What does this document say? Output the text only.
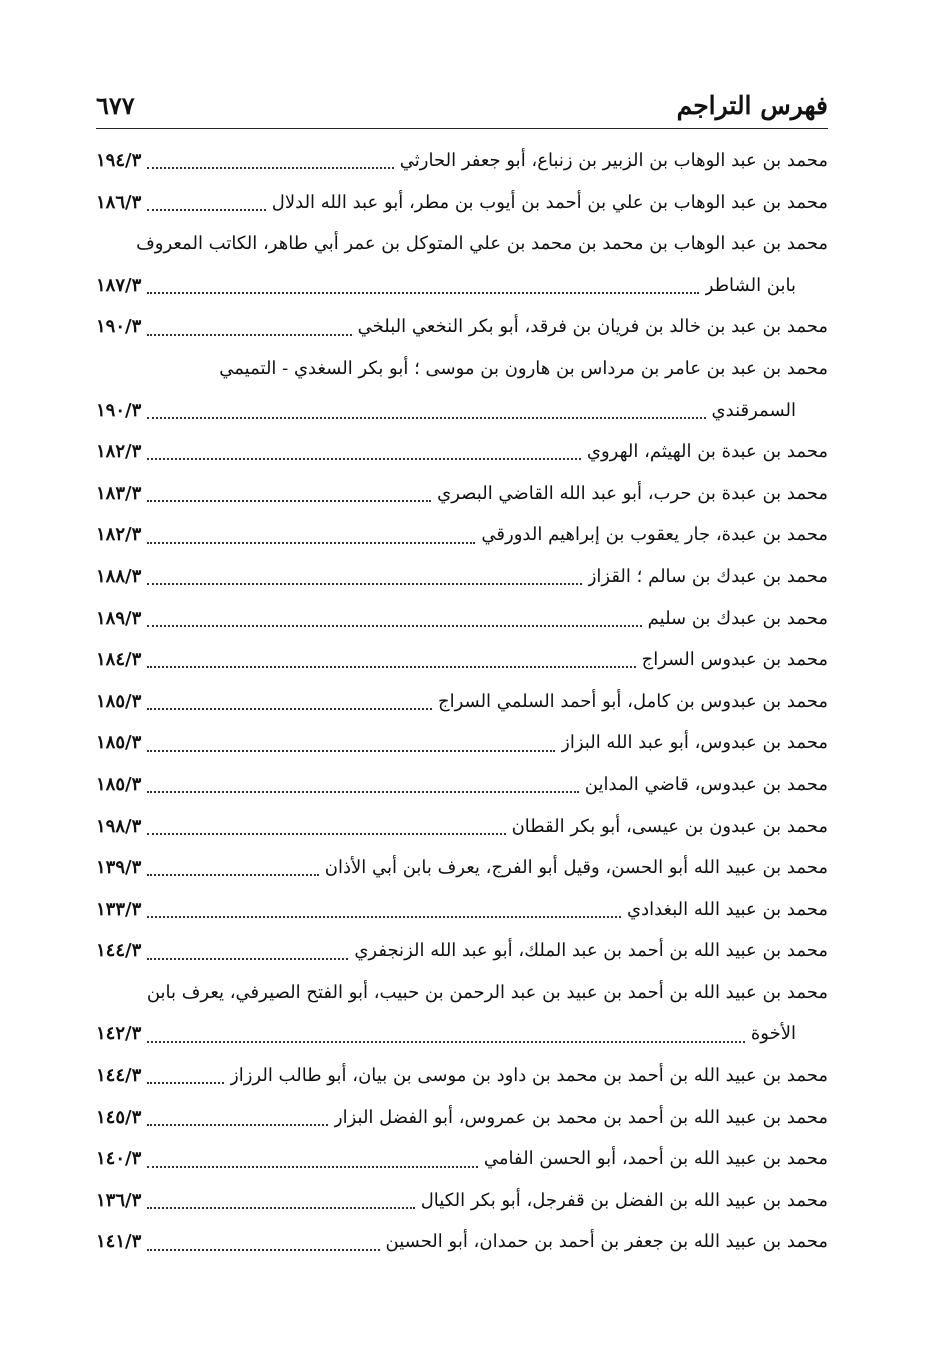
فهرس التراجم
٦٧٧
محمد بن عبد الوهاب بن الزبير بن زنباع، أبو جعفر الحارثي
١٩٤/٣
محمد بن عبد الوهاب بن علي بن أحمد بن أيوب بن مطر، أبو عبد الله الدلال
١٨٦/٣
محمد بن عبد الوهاب بن محمد بن محمد بن علي المتوكل بن عمر أبي طاهر، الكاتب المعروف
بابن الشاطر
١٨٧/٣
محمد بن عبد بن خالد بن فريان بن فرقد، أبو بكر النخعي البلخي
١٩٠/٣
محمد بن عبد بن عامر بن مرداس بن هارون بن موسى ؛ أبو بكر السغدي - التميمي
السمرقندي
١٩٠/٣
محمد بن عبدة بن الهيثم، الهروي
١٨٢/٣
محمد بن عبدة بن حرب، أبو عبد الله القاضي البصري
١٨٣/٣
محمد بن عبدة، جار يعقوب بن إبراهيم الدورقي
١٨٢/٣
محمد بن عبدك بن سالم ؛ القزاز
١٨٨/٣
محمد بن عبدك بن سليم
١٨٩/٣
محمد بن عبدوس السراج
١٨٤/٣
محمد بن عبدوس بن كامل، أبو أحمد السلمي السراج
١٨٥/٣
محمد بن عبدوس، أبو عبد الله البزاز
١٨٥/٣
محمد بن عبدوس، قاضي المداين
١٨٥/٣
محمد بن عبدون بن عيسى، أبو بكر القطان
١٩٨/٣
محمد بن عبيد الله أبو الحسن، وقيل أبو الفرج، يعرف بابن أبي الأذان
١٣٩/٣
محمد بن عبيد الله البغدادي
١٣٣/٣
محمد بن عبيد الله بن أحمد بن عبد الملك، أبو عبد الله الزنجفري
١٤٤/٣
محمد بن عبيد الله بن أحمد بن عبيد بن عبد الرحمن بن حبيب، أبو الفتح الصيرفي، يعرف بابن
الأخوة
١٤٢/٣
محمد بن عبيد الله بن أحمد بن محمد بن داود بن موسى بن بيان، أبو طالب الرزاز
١٤٤/٣
محمد بن عبيد الله بن أحمد بن محمد بن عمروس، أبو الفضل البزار
١٤٥/٣
محمد بن عبيد الله بن أحمد، أبو الحسن الفامي
١٤٠/٣
محمد بن عبيد الله بن الفضل بن قفرجل، أبو بكر الكيال
١٣٦/٣
محمد بن عبيد الله بن جعفر بن أحمد بن حمدان، أبو الحسين
١٤١/٣
